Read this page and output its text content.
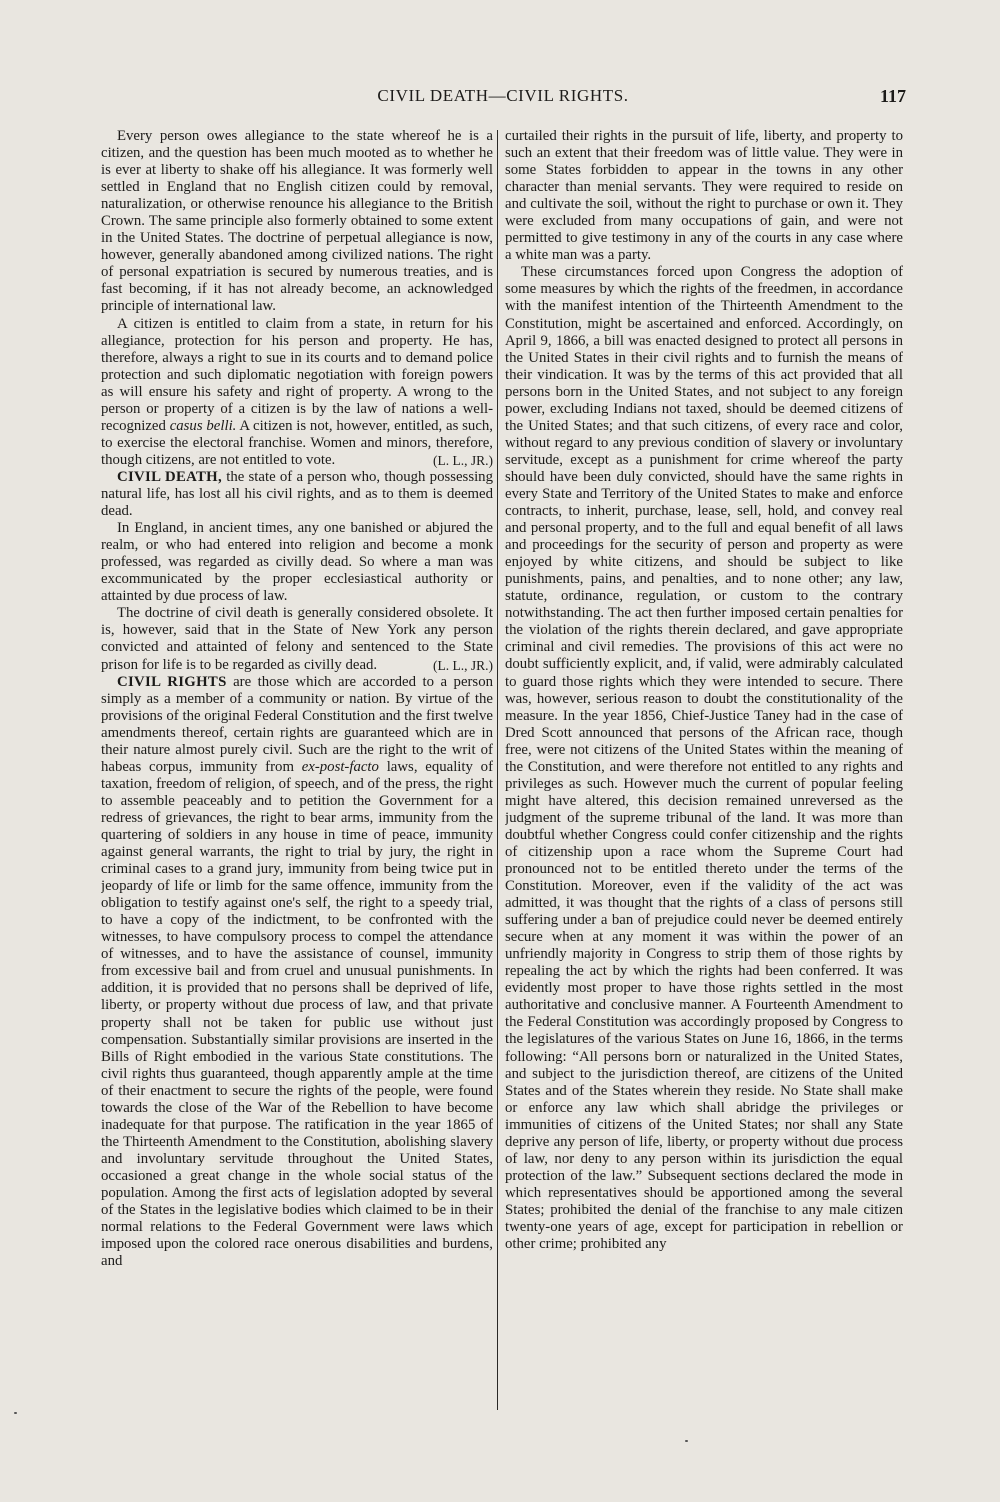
CIVIL DEATH—CIVIL RIGHTS.	117

Every person owes allegiance to the state whereof he is a citizen, and the question has been much mooted as to whether he is ever at liberty to shake off his allegiance. It was formerly well settled in England that no English citizen could by removal, naturalization, or otherwise renounce his allegiance to the British Crown. The same principle also formerly obtained to some extent in the United States. The doctrine of perpetual allegiance is now, however, generally abandoned among civilized nations. The right of personal expatriation is secured by numerous treaties, and is fast becoming, if it has not already become, an acknowledged principle of international law.

A citizen is entitled to claim from a state, in return for his allegiance, protection for his person and property. He has, therefore, always a right to sue in its courts and to demand police protection and such diplomatic negotiation with foreign powers as will ensure his safety and right of property. A wrong to the person or property of a citizen is by the law of nations a well-recognized casus belli. A citizen is not, however, entitled, as such, to exercise the electoral franchise. Women and minors, therefore, though citizens, are not entitled to vote.	(L. L., JR.)

CIVIL DEATH, the state of a person who, though possessing natural life, has lost all his civil rights, and as to them is deemed dead.

In England, in ancient times, any one banished or abjured the realm, or who had entered into religion and become a monk professed, was regarded as civilly dead. So where a man was excommunicated by the proper ecclesiastical authority or attainted by due process of law.

The doctrine of civil death is generally considered obsolete. It is, however, said that in the State of New York any person convicted and attainted of felony and sentenced to the State prison for life is to be regarded as civilly dead.	(L. L., JR.)

CIVIL RIGHTS are those which are accorded to a person simply as a member of a community or nation. By virtue of the provisions of the original Federal Constitution and the first twelve amendments thereof, certain rights are guaranteed which are in their nature almost purely civil. Such are the right to the writ of habeas corpus, immunity from ex-post-facto laws, equality of taxation, freedom of religion, of speech, and of the press, the right to assemble peaceably and to petition the Government for a redress of grievances, the right to bear arms, immunity from the quartering of soldiers in any house in time of peace, immunity against general warrants, the right to trial by jury, the right in criminal cases to a grand jury, immunity from being twice put in jeopardy of life or limb for the same offence, immunity from the obligation to testify against one's self, the right to a speedy trial, to have a copy of the indictment, to be confronted with the witnesses, to have compulsory process to compel the attendance of witnesses, and to have the assistance of counsel, immunity from excessive bail and from cruel and unusual punishments. In addition, it is provided that no persons shall be deprived of life, liberty, or property without due process of law, and that private property shall not be taken for public use without just compensation. Substantially similar provisions are inserted in the Bills of Right embodied in the various State constitutions. The civil rights thus guaranteed, though apparently ample at the time of their enactment to secure the rights of the people, were found towards the close of the War of the Rebellion to have become inadequate for that purpose. The ratification in the year 1865 of the Thirteenth Amendment to the Constitution, abolishing slavery and involuntary servitude throughout the United States, occasioned a great change in the whole social status of the population. Among the first acts of legislation adopted by several of the States in the legislative bodies which claimed to be in their normal relations to the Federal Government were laws which imposed upon the colored race onerous disabilities and burdens, and

curtailed their rights in the pursuit of life, liberty, and property to such an extent that their freedom was of little value. They were in some States forbidden to appear in the towns in any other character than menial servants. They were required to reside on and cultivate the soil, without the right to purchase or own it. They were excluded from many occupations of gain, and were not permitted to give testimony in any of the courts in any case where a white man was a party.

These circumstances forced upon Congress the adoption of some measures by which the rights of the freedmen, in accordance with the manifest intention of the Thirteenth Amendment to the Constitution, might be ascertained and enforced. Accordingly, on April 9, 1866, a bill was enacted designed to protect all persons in the United States in their civil rights and to furnish the means of their vindication. It was by the terms of this act provided that all persons born in the United States, and not subject to any foreign power, excluding Indians not taxed, should be deemed citizens of the United States; and that such citizens, of every race and color, without regard to any previous condition of slavery or involuntary servitude, except as a punishment for crime whereof the party should have been duly convicted, should have the same rights in every State and Territory of the United States to make and enforce contracts, to inherit, purchase, lease, sell, hold, and convey real and personal property, and to the full and equal benefit of all laws and proceedings for the security of person and property as were enjoyed by white citizens, and should be subject to like punishments, pains, and penalties, and to none other; any law, statute, ordinance, regulation, or custom to the contrary notwithstanding. The act then further imposed certain penalties for the violation of the rights therein declared, and gave appropriate criminal and civil remedies. The provisions of this act were no doubt sufficiently explicit, and, if valid, were admirably calculated to guard those rights which they were intended to secure. There was, however, serious reason to doubt the constitutionality of the measure. In the year 1856, Chief-Justice Taney had in the case of Dred Scott announced that persons of the African race, though free, were not citizens of the United States within the meaning of the Constitution, and were therefore not entitled to any rights and privileges as such. However much the current of popular feeling might have altered, this decision remained unreversed as the judgment of the supreme tribunal of the land. It was more than doubtful whether Congress could confer citizenship and the rights of citizenship upon a race whom the Supreme Court had pronounced not to be entitled thereto under the terms of the Constitution. Moreover, even if the validity of the act was admitted, it was thought that the rights of a class of persons still suffering under a ban of prejudice could never be deemed entirely secure when at any moment it was within the power of an unfriendly majority in Congress to strip them of those rights by repealing the act by which the rights had been conferred. It was evidently most proper to have those rights settled in the most authoritative and conclusive manner. A Fourteenth Amendment to the Federal Constitution was accordingly proposed by Congress to the legislatures of the various States on June 16, 1866, in the terms following: “All persons born or naturalized in the United States, and subject to the jurisdiction thereof, are citizens of the United States and of the States wherein they reside. No State shall make or enforce any law which shall abridge the privileges or immunities of citizens of the United States; nor shall any State deprive any person of life, liberty, or property without due process of law, nor deny to any person within its jurisdiction the equal protection of the law.” Subsequent sections declared the mode in which representatives should be apportioned among the several States; prohibited the denial of the franchise to any male citizen twenty-one years of age, except for participation in rebellion or other crime; prohibited any
